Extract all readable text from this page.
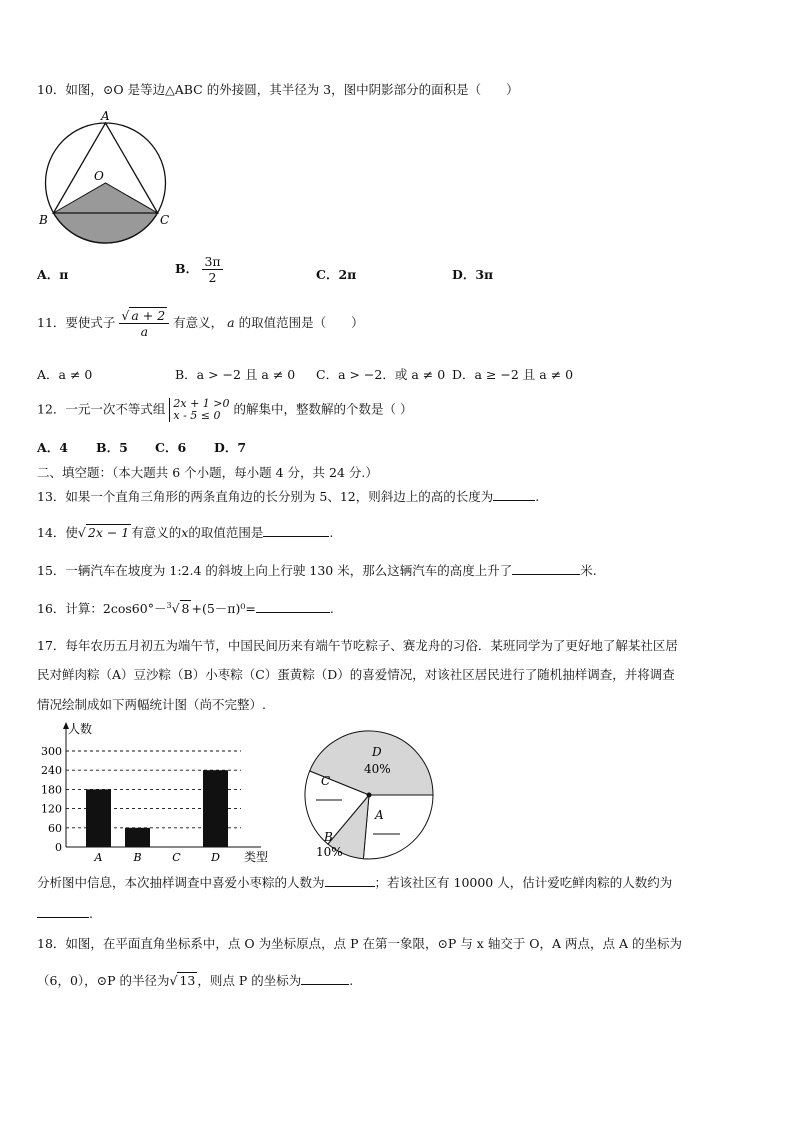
10．如图，⊙O 是等边△ABC 的外接圆，其半径为 3，图中阴影部分的面积是（　　）
A
O
B	C
A．π	B． $\frac{3\pi}{2}$	C．2π	D．3π
11．要使式子 $\frac{√ a + 2}{a}$ 有意义， a 的取值范围是（　　）
A．a ≠ 0	B．a > −2 且 a ≠ 0 C．a > −2．或 a ≠ 0 D．a ≥ −2 且 a ≠ 0
12．一元一次不等式组 2x + 1 >0
x - 5 ≤ 0	的解集中，整数解的个数是（ ）
A．4 B．5 C．6 D．7
二、填空题：（本大题共 6 个小题，每小题 4 分，共 24 分.）
13．如果一个直角三角形的两条直角边的长分别为 5、12，则斜边上的高的长度为	.
14．使√ 2x − 1 有意义的x的取值范围是	.
15．一辆汽车在坡度为 1:2.4 的斜坡上向上行驶 130 米，那么这辆汽车的高度上升了	米.
16．计算：2cos60°－$^3$√ 8 +(5－π)⁰=	.
17．每年农历五月初五为端午节，中国民间历来有端午节吃粽子、赛龙舟的习俗．某班同学为了更好地了解某社区居
民对鲜肉粽（A）豆沙粽（B）小枣粽（C）蛋黄粽（D）的喜爱情况，对该社区居民进行了随机抽样调查，并将调查
情况绘制成如下两幅统计图（尚不完整）.
0
60
120
180
240
300
人数
类型
A	B	C	D
D
40%
A
B
10%
C
分析图中信息，本次抽样调查中喜爱小枣粽的人数为	；若该社区有 10000 人，估计爱吃鲜肉粽的人数约为
.
18．如图，在平面直角坐标系中，点 O 为坐标原点，点 P 在第一象限，⊙P 与 x 轴交于 O，A 两点，点 A 的坐标为
（6，0），⊙P 的半径为√ 13 ，则点 P 的坐标为	.
